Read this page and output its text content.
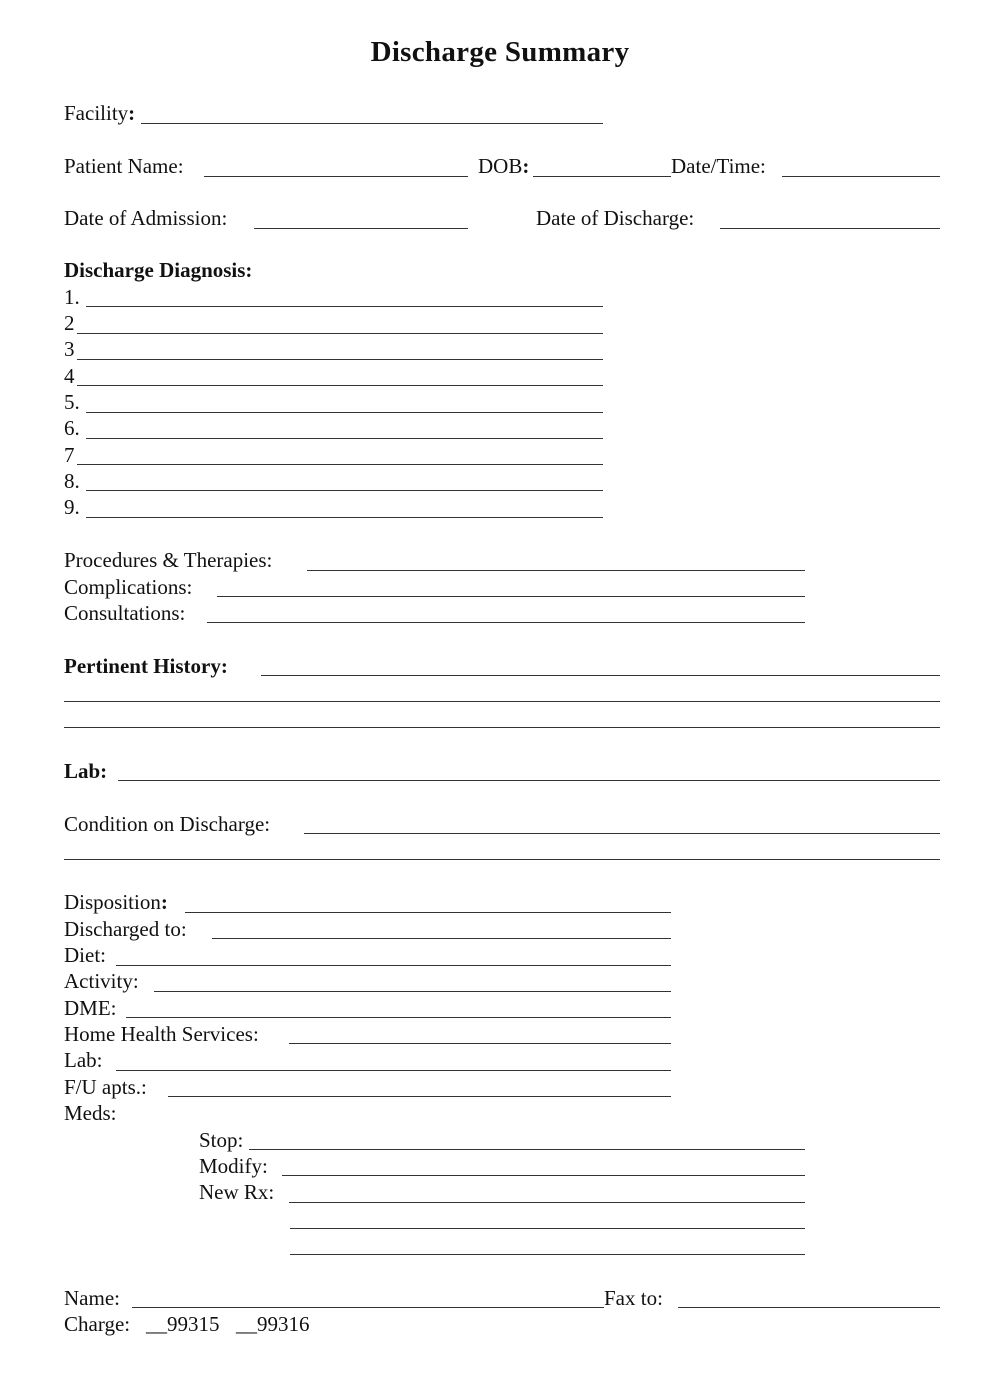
Discharge Summary
Facility:
Patient Name:	DOB:	Date/Time:
Date of Admission:	Date of Discharge:
Discharge Diagnosis:
1.
2
3
4
5.
6.
7
8.
9.
Procedures & Therapies:
Complications:
Consultations:
Pertinent History:
Lab:
Condition on Discharge:
Disposition:
Discharged to:
Diet:
Activity:
DME:
Home Health Services:
Lab:
F/U apts.:
Meds:
Stop:
Modify:
New Rx:
Name:	Fax to:
Charge: __99315 __99316
